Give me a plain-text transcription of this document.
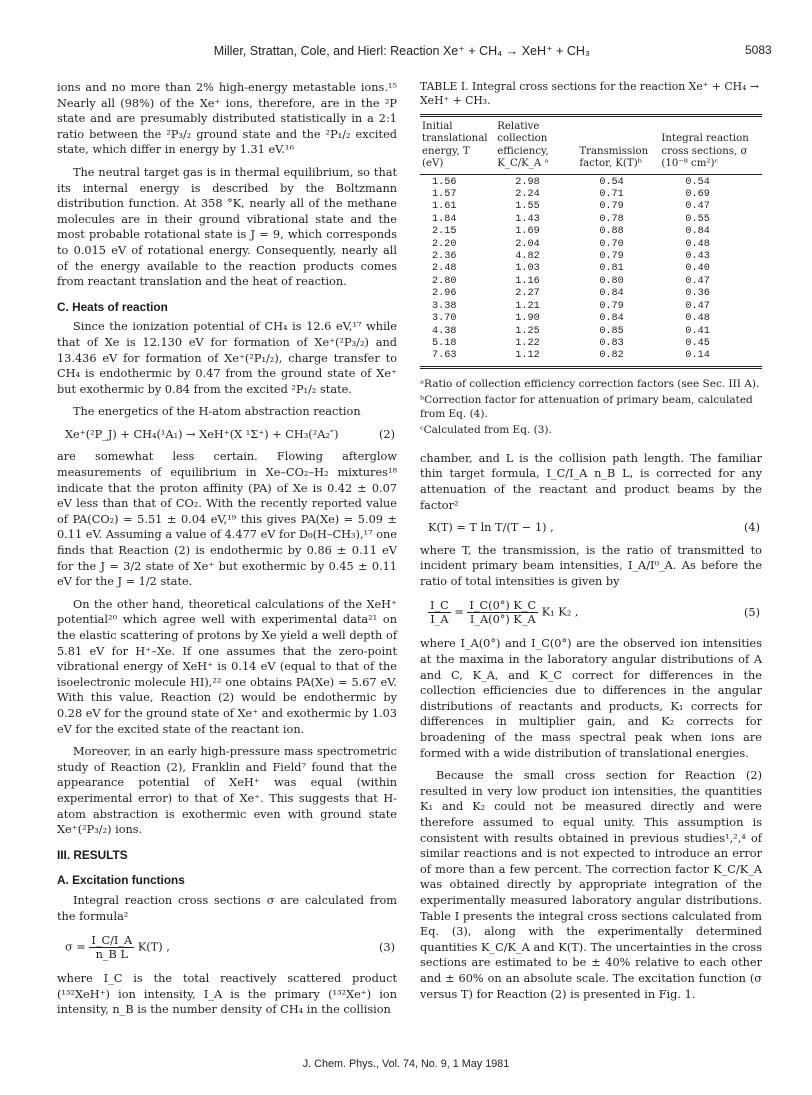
Miller, Strattan, Cole, and Hierl: Reaction Xe⁺ + CH₄ → XeH⁺ + CH₃	5083

ions and no more than 2% high-energy metastable ions.¹⁵ Nearly all (98%) of the Xe⁺ ions, therefore, are in the ²P state and are presumably distributed statistically in a 2:1 ratio between the ²P₃/₂ ground state and the ²P₁/₂ excited state, which differ in energy by 1.31 eV.¹⁶

The neutral target gas is in thermal equilibrium, so that its internal energy is described by the Boltzmann distribution function. At 358 °K, nearly all of the methane molecules are in their ground vibrational state and the most probable rotational state is J = 9, which corresponds to 0.015 eV of rotational energy. Consequently, nearly all of the energy available to the reaction products comes from reactant translation and the heat of reaction.

C. Heats of reaction

Since the ionization potential of CH₄ is 12.6 eV,¹⁷ while that of Xe is 12.130 eV for formation of Xe⁺(²P₃/₂) and 13.436 eV for formation of Xe⁺(²P₁/₂), charge transfer to CH₄ is endothermic by 0.47 from the ground state of Xe⁺ but exothermic by 0.84 from the excited ²P₁/₂ state.

The energetics of the H-atom abstraction reaction

Xe⁺(²P_J) + CH₄(¹A₁) → XeH⁺(X ¹Σ⁺) + CH₃(²A₂″)	(2)

are somewhat less certain. Flowing afterglow measurements of equilibrium in Xe–CO₂–H₂ mixtures¹⁸ indicate that the proton affinity (PA) of Xe is 0.42 ± 0.07 eV less than that of CO₂. With the recently reported value of PA(CO₂) = 5.51 ± 0.04 eV,¹⁹ this gives PA(Xe) = 5.09 ± 0.11 eV. Assuming a value of 4.477 eV for D₀(H–CH₃),¹⁷ one finds that Reaction (2) is endothermic by 0.86 ± 0.11 eV for the J = 3/2 state of Xe⁺ but exothermic by 0.45 ± 0.11 eV for the J = 1/2 state.

On the other hand, theoretical calculations of the XeH⁺ potential²⁰ which agree well with experimental data²¹ on the elastic scattering of protons by Xe yield a well depth of 5.81 eV for H⁺–Xe. If one assumes that the zero-point vibrational energy of XeH⁺ is 0.14 eV (equal to that of the isoelectronic molecule HI),²² one obtains PA(Xe) = 5.67 eV. With this value, Reaction (2) would be endothermic by 0.28 eV for the ground state of Xe⁺ and exothermic by 1.03 eV for the excited state of the reactant ion.

Moreover, in an early high-pressure mass spectrometric study of Reaction (2), Franklin and Field⁷ found that the appearance potential of XeH⁺ was equal (within experimental error) to that of Xe⁺. This suggests that H-atom abstraction is exothermic even with ground state Xe⁺(²P₃/₂) ions.

III. RESULTS
A. Excitation functions

Integral reaction cross sections σ are calculated from the formula²

$\sigma = \frac{I\_C/I\_A}{\text{n\_B L}} K(T)$ ,	(3)

where I_C is the total reactively scattered product (¹³²XeH⁺) ion intensity, I_A is the primary (¹³²Xe⁺) ion intensity, n_B is the number density of CH₄ in the collision

TABLE I. Integral cross sections for the reaction Xe⁺ + CH₄ → XeH⁺ + CH₃.

Initial translational energy, T (eV)	Relative collection efficiency, K_C/K_A ᵃ	Transmission factor, K(T)ᵇ	Integral reaction cross sections, σ (10⁻⁸ cm²)ᶜ
1.56	2.98	0.54	0.54
1.57	2.24	0.71	0.69
1.61	1.55	0.79	0.47
1.84	1.43	0.78	0.55
2.15	1.69	0.88	0.84
2.20	2.04	0.70	0.48
2.36	4.82	0.79	0.43
2.48	1.03	0.81	0.40
2.80	1.16	0.80	0.47
2.96	2.27	0.84	0.36
3.38	1.21	0.79	0.47
3.70	1.90	0.84	0.48
4.38	1.25	0.85	0.41
5.18	1.22	0.83	0.45
7.63	1.12	0.82	0.14
ᵃRatio of collection efficiency correction factors (see Sec. III A).
ᵇCorrection factor for attenuation of primary beam, calculated from Eq. (4).
ᶜCalculated from Eq. (3).

chamber, and L is the collision path length. The familiar thin target formula, I_C/I_A n_B L, is corrected for any attenuation of the reactant and product beams by the factor²

K(T) = T ln T/(T − 1) ,	(4)

where T, the transmission, is the ratio of transmitted to incident primary beam intensities, I_A/I⁰_A. As before the ratio of total intensities is given by

$\frac{I\_C}{I\_A} = \frac{I\_C(0^\circ) K\_C}{I\_A(0^\circ) K\_A} K_1$ K₂ ,	(5)

where I_A(0°) and I_C(0°) are the observed ion intensities at the maxima in the laboratory angular distributions of A and C, K_A, and K_C correct for differences in the collection efficiencies due to differences in the angular distributions of reactants and products, K₁ corrects for differences in multiplier gain, and K₂ corrects for broadening of the mass spectral peak when ions are formed with a wide distribution of translational energies.

Because the small cross section for Reaction (2) resulted in very low product ion intensities, the quantities K₁ and K₂ could not be measured directly and were therefore assumed to equal unity. This assumption is consistent with results obtained in previous studies¹,²,⁴ of similar reactions and is not expected to introduce an error of more than a few percent. The correction factor K_C/K_A was obtained directly by appropriate integration of the experimentally measured laboratory angular distributions. Table I presents the integral cross sections calculated from Eq. (3), along with the experimentally determined quantities K_C/K_A and K(T). The uncertainties in the cross sections are estimated to be ± 40% relative to each other and ± 60% on an absolute scale. The excitation function (σ versus T) for Reaction (2) is presented in Fig. 1.

J. Chem. Phys., Vol. 74, No. 9, 1 May 1981
